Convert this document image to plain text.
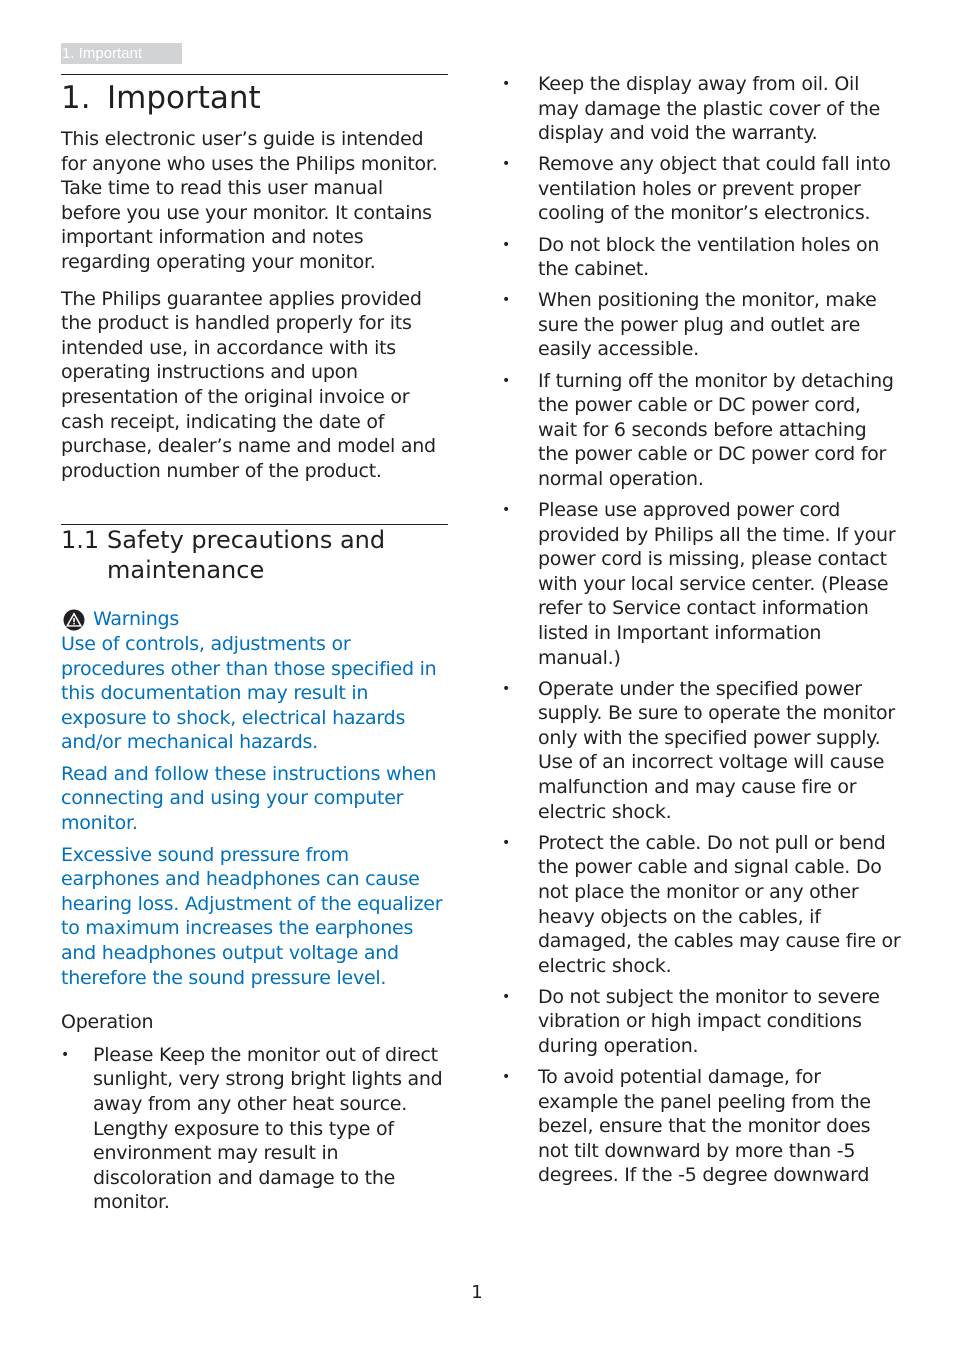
1. Important
1. Important

This electronic user’s guide is intended for anyone who uses the Philips monitor. Take time to read this user manual before you use your monitor. It contains important information and notes regarding operating your monitor.

The Philips guarantee applies provided the product is handled properly for its intended use, in accordance with its operating instructions and upon presentation of the original invoice or cash receipt, indicating the date of purchase, dealer’s name and model and production number of the product.

1.1 Safety precautions and maintenance
Warnings

Use of controls, adjustments or procedures other than those specified in this documentation may result in exposure to shock, electrical hazards and/or mechanical hazards.

Read and follow these instructions when connecting and using your computer monitor.

Excessive sound pressure from earphones and headphones can cause hearing loss. Adjustment of the equalizer to maximum increases the earphones and headphones output voltage and therefore the sound pressure level.

Operation

•	Please Keep the monitor out of direct sunlight, very strong bright lights and away from any other heat source. Lengthy exposure to this type of environment may result in discoloration and damage to the monitor.
•	Keep the display away from oil. Oil may damage the plastic cover of the display and void the warranty.
•	Remove any object that could fall into ventilation holes or prevent proper cooling of the monitor’s electronics.
•	Do not block the ventilation holes on the cabinet.
•	When positioning the monitor, make sure the power plug and outlet are easily accessible.
•	If turning off the monitor by detaching the power cable or DC power cord, wait for 6 seconds before attaching the power cable or DC power cord for normal operation.
•	Please use approved power cord provided by Philips all the time. If your power cord is missing, please contact with your local service center. (Please refer to Service contact information listed in Important information manual.)
•	Operate under the specified power supply. Be sure to operate the monitor only with the specified power supply. Use of an incorrect voltage will cause malfunction and may cause fire or electric shock.
•	Protect the cable. Do not pull or bend the power cable and signal cable. Do not place the monitor or any other heavy objects on the cables, if damaged, the cables may cause fire or electric shock.
•	Do not subject the monitor to severe vibration or high impact conditions during operation.
•	To avoid potential damage, for example the panel peeling from the bezel, ensure that the monitor does not tilt downward by more than -5 degrees. If the -5 degree downward
1
